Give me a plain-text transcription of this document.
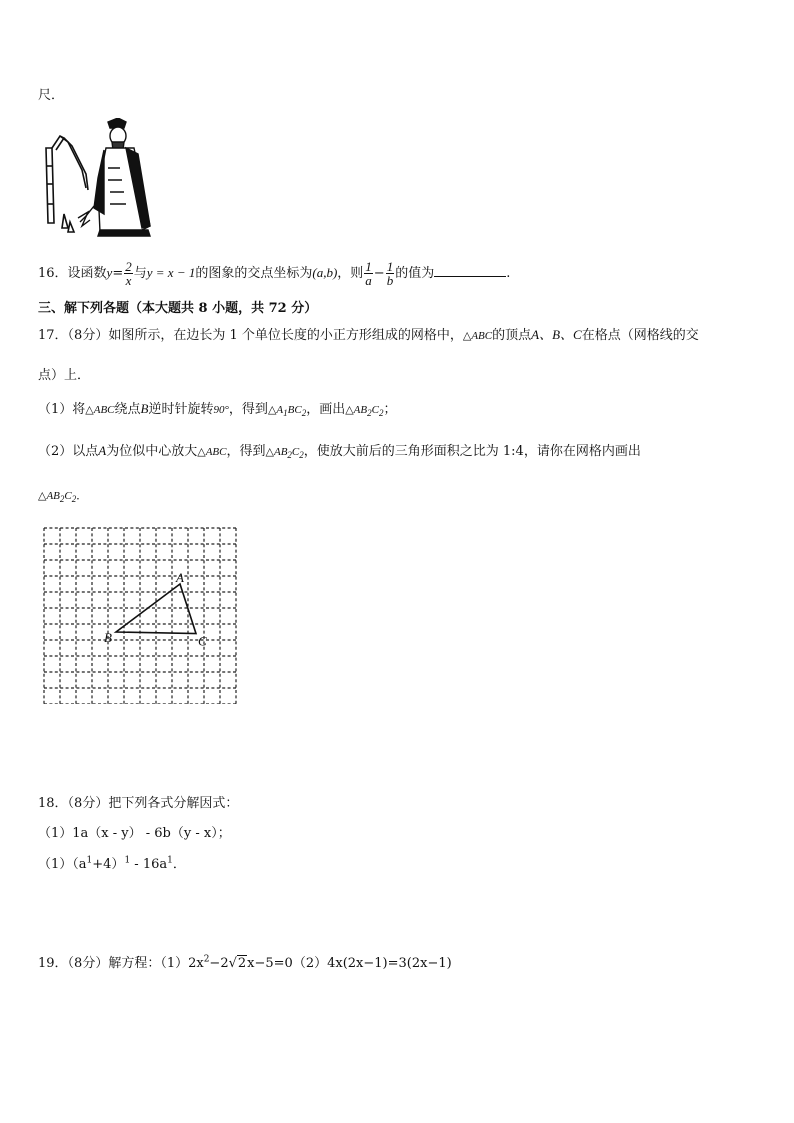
尺．
16．设函数$y= \frac{2}{x}$ 与y = x − 1的图象的交点坐标为(a,b)，则 $\frac{1}{a} - \frac{1}{b}$ 的值为	.
三、解下列各题（本大题共 8 小题，共 72 分）
17．（8分）如图所示，在边长为 1 个单位长度的小正方形组成的网格中，△ABC的顶点A、B、C在格点（网格线的交
点）上．
（1）将△ABC绕点B逆时针旋转90°，得到$\triangle A_1BC_2$，画出$\triangle AB_2C_2$；
（2）以点A为位似中心放大△ABC，得到$\triangle AB_2C_2$，使放大前后的三角形面积之比为 1:4，请你在网格内画出
$\triangle AB_2C_2$．
A
B	C
18．（8分）把下列各式分解因式：
（1）1a（x - y） - 6b（y - x）；
$(1)(a^1+4)^1 - 16a^1$．
19．（8分）解方程：$(1)2x^2-2√2x-5=0(2)4x(2x-1)=3(2x-1)$
